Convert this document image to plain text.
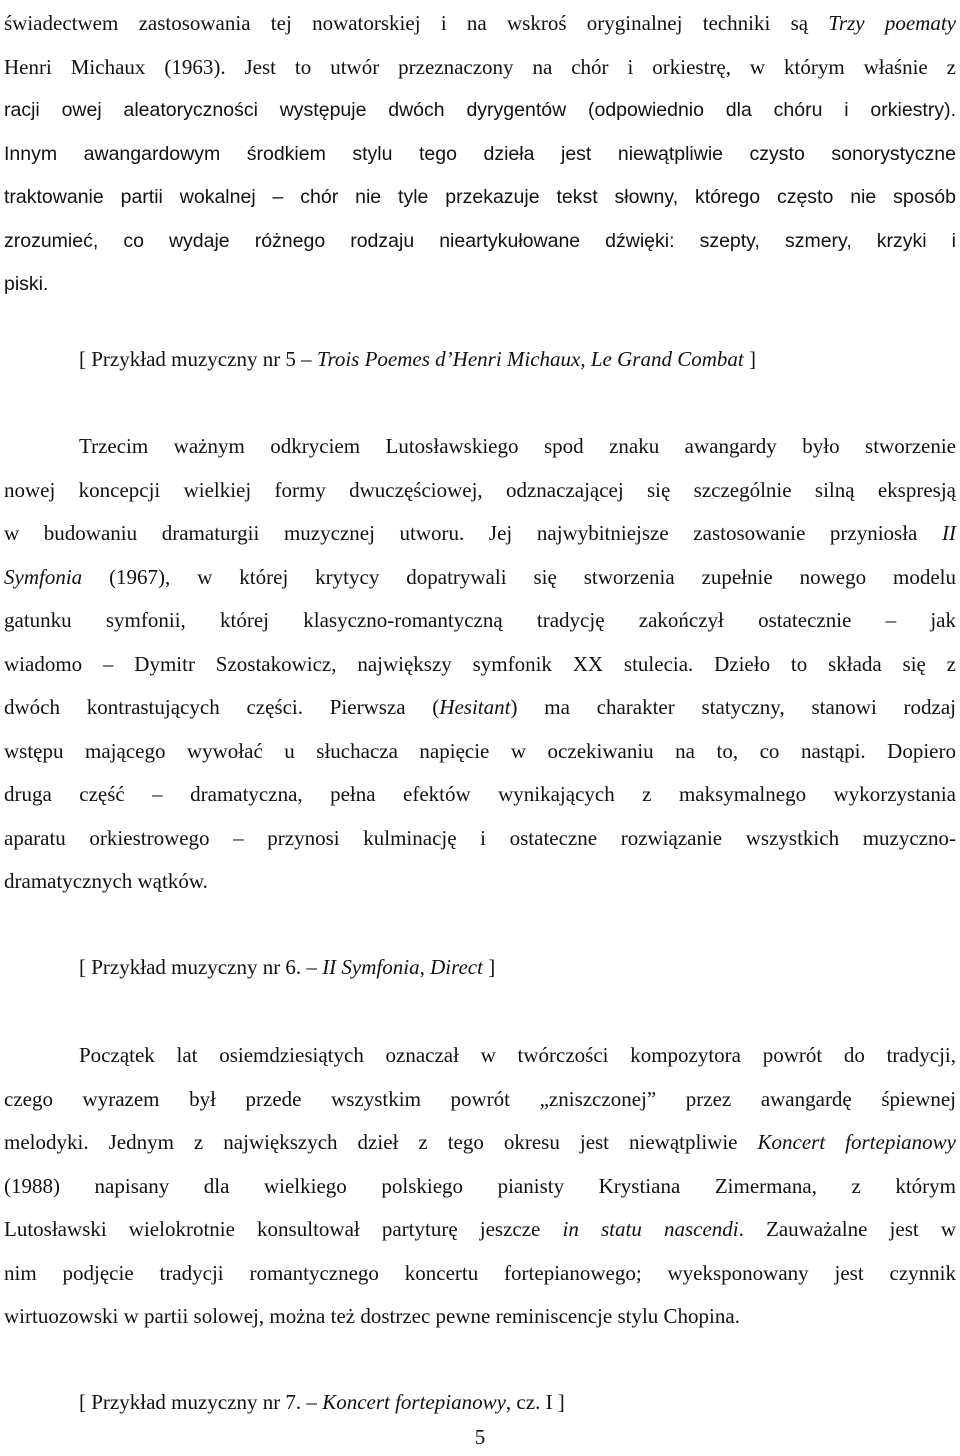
świadectwem zastosowania tej nowatorskiej i na wskroś oryginalnej techniki są Trzy poematy
Henri Michaux (1963). Jest to utwór przeznaczony na chór i orkiestrę, w którym właśnie z
racji owej aleatoryczności występuje dwóch dyrygentów (odpowiednio dla chóru i orkiestry).
Innym awangardowym środkiem stylu tego dzieła jest niewątpliwie czysto sonorystyczne
traktowanie partii wokalnej – chór nie tyle przekazuje tekst słowny, którego często nie sposób
zrozumieć, co wydaje różnego rodzaju nieartykułowane dźwięki: szepty, szmery, krzyki i
piski.
[ Przykład muzyczny nr 5 – Trois Poemes d’Henri Michaux, Le Grand Combat ]
Trzecim ważnym odkryciem Lutosławskiego spod znaku awangardy było stworzenie
nowej koncepcji wielkiej formy dwuczęściowej, odznaczającej się szczególnie silną ekspresją
w budowaniu dramaturgii muzycznej utworu. Jej najwybitniejsze zastosowanie przyniosła II
Symfonia (1967), w której krytycy dopatrywali się stworzenia zupełnie nowego modelu
gatunku symfonii, której klasyczno-romantyczną tradycję zakończył ostatecznie – jak
wiadomo – Dymitr Szostakowicz, największy symfonik XX stulecia. Dzieło to składa się z
dwóch kontrastujących części. Pierwsza (Hesitant) ma charakter statyczny, stanowi rodzaj
wstępu mającego wywołać u słuchacza napięcie w oczekiwaniu na to, co nastąpi. Dopiero
druga część – dramatyczna, pełna efektów wynikających z maksymalnego wykorzystania
aparatu orkiestrowego – przynosi kulminację i ostateczne rozwiązanie wszystkich muzyczno-
dramatycznych wątków.
[ Przykład muzyczny nr 6. – II Symfonia, Direct ]
Początek lat osiemdziesiątych oznaczał w twórczości kompozytora powrót do tradycji,
czego wyrazem był przede wszystkim powrót „zniszczonej” przez awangardę śpiewnej
melodyki. Jednym z największych dzieł z tego okresu jest niewątpliwie Koncert fortepianowy
(1988) napisany dla wielkiego polskiego pianisty Krystiana Zimermana, z którym
Lutosławski wielokrotnie konsultował partyturę jeszcze in statu nascendi. Zauważalne jest w
nim podjęcie tradycji romantycznego koncertu fortepianowego; wyeksponowany jest czynnik
wirtuozowski w partii solowej, można też dostrzec pewne reminiscencje stylu Chopina.
[ Przykład muzyczny nr 7. – Koncert fortepianowy, cz. I ]
5
